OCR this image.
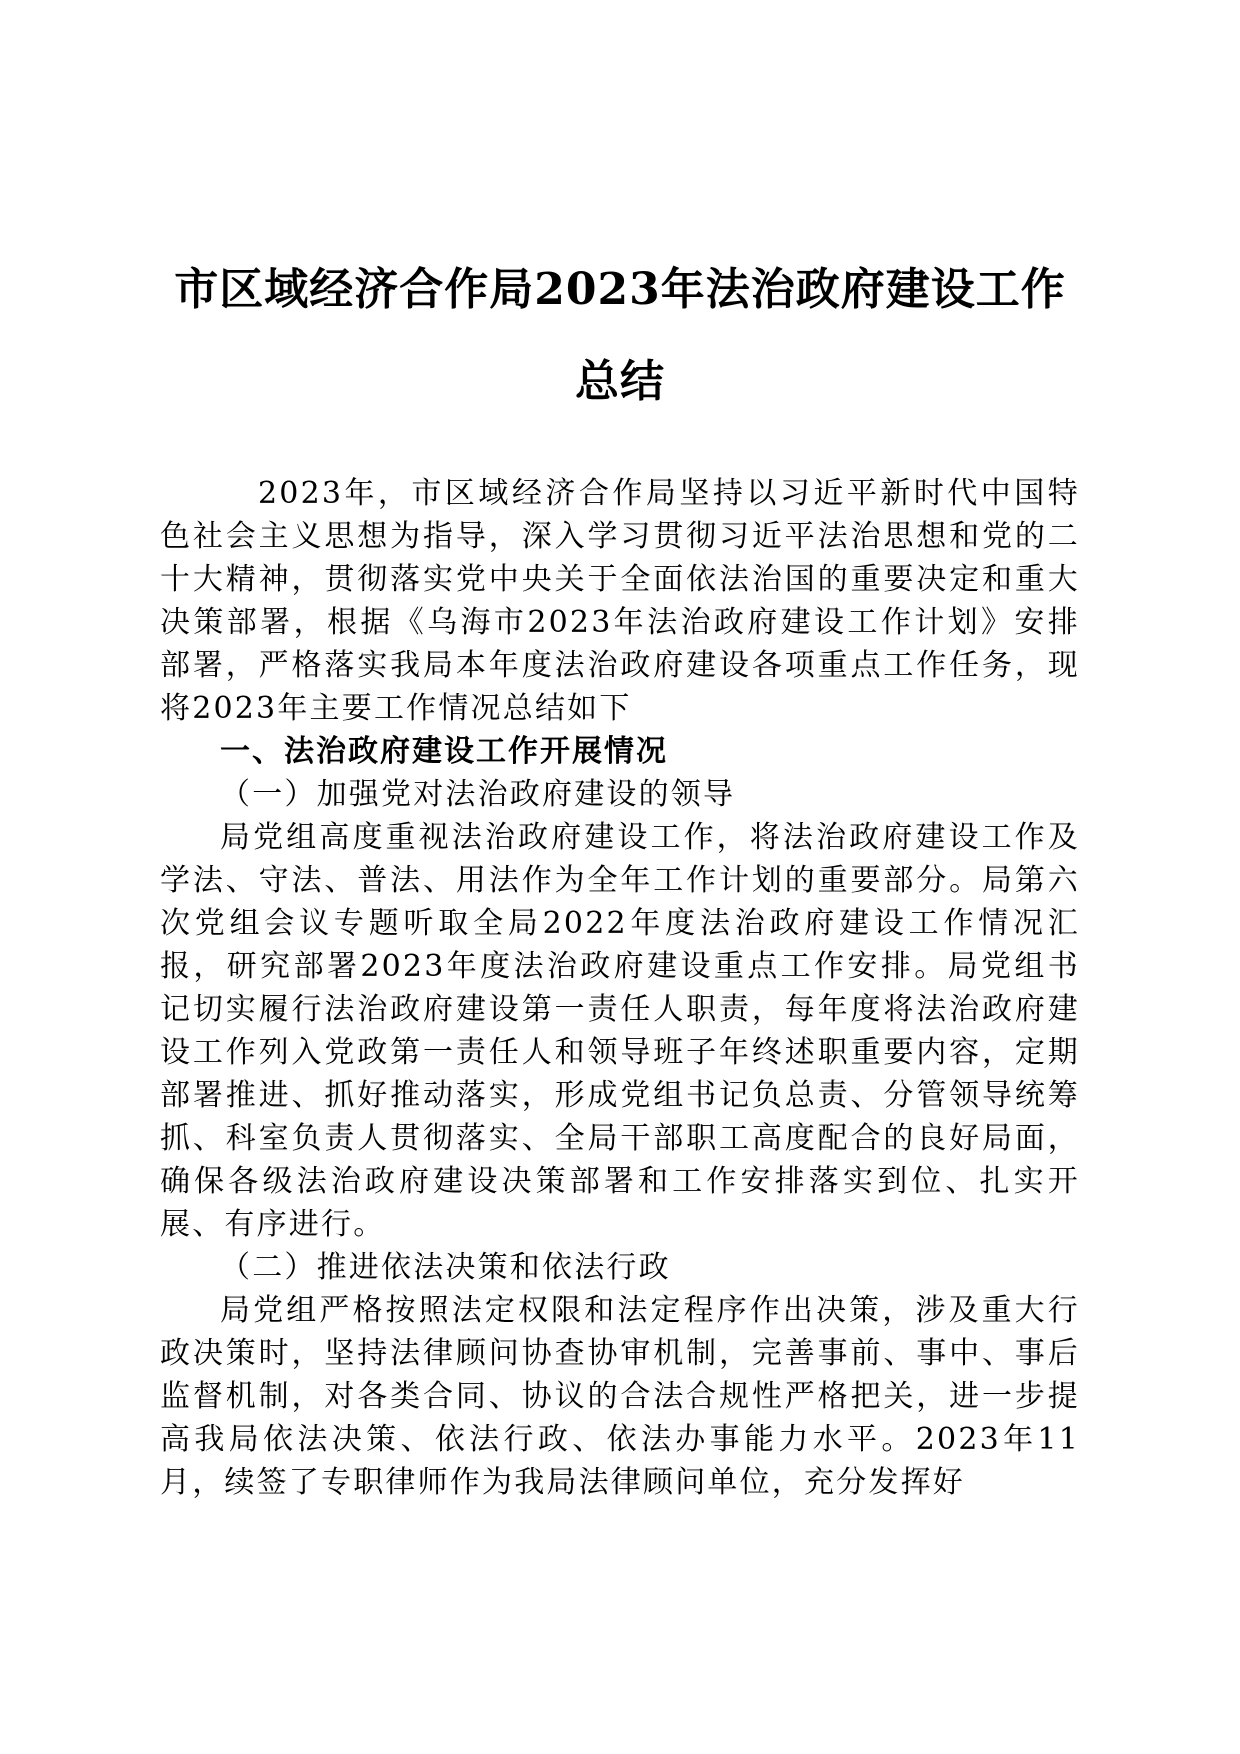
市区域经济合作局2023年法治政府建设工作
总结

2023年，市区域经济合作局坚持以习近平新时代中国特色社会主义思想为指导，深入学习贯彻习近平法治思想和党的二十大精神，贯彻落实党中央关于全面依法治国的重要决定和重大决策部署，根据《乌海市2023年法治政府建设工作计划》安排部署，严格落实我局本年度法治政府建设各项重点工作任务，现将2023年主要工作情况总结如下

一、法治政府建设工作开展情况

（一）加强党对法治政府建设的领导

局党组高度重视法治政府建设工作，将法治政府建设工作及学法、守法、普法、用法作为全年工作计划的重要部分。局第六次党组会议专题听取全局2022年度法治政府建设工作情况汇报，研究部署2023年度法治政府建设重点工作安排。局党组书记切实履行法治政府建设第一责任人职责，每年度将法治政府建设工作列入党政第一责任人和领导班子年终述职重要内容，定期部署推进、抓好推动落实，形成党组书记负总责、分管领导统筹抓、科室负责人贯彻落实、全局干部职工高度配合的良好局面，确保各级法治政府建设决策部署和工作安排落实到位、扎实开展、有序进行。

（二）推进依法决策和依法行政

局党组严格按照法定权限和法定程序作出决策，涉及重大行政决策时，坚持法律顾问协查协审机制，完善事前、事中、事后监督机制，对各类合同、协议的合法合规性严格把关，进一步提高我局依法决策、依法行政、依法办事能力水平。2023年11月，续签了专职律师作为我局法律顾问单位，充分发挥好
